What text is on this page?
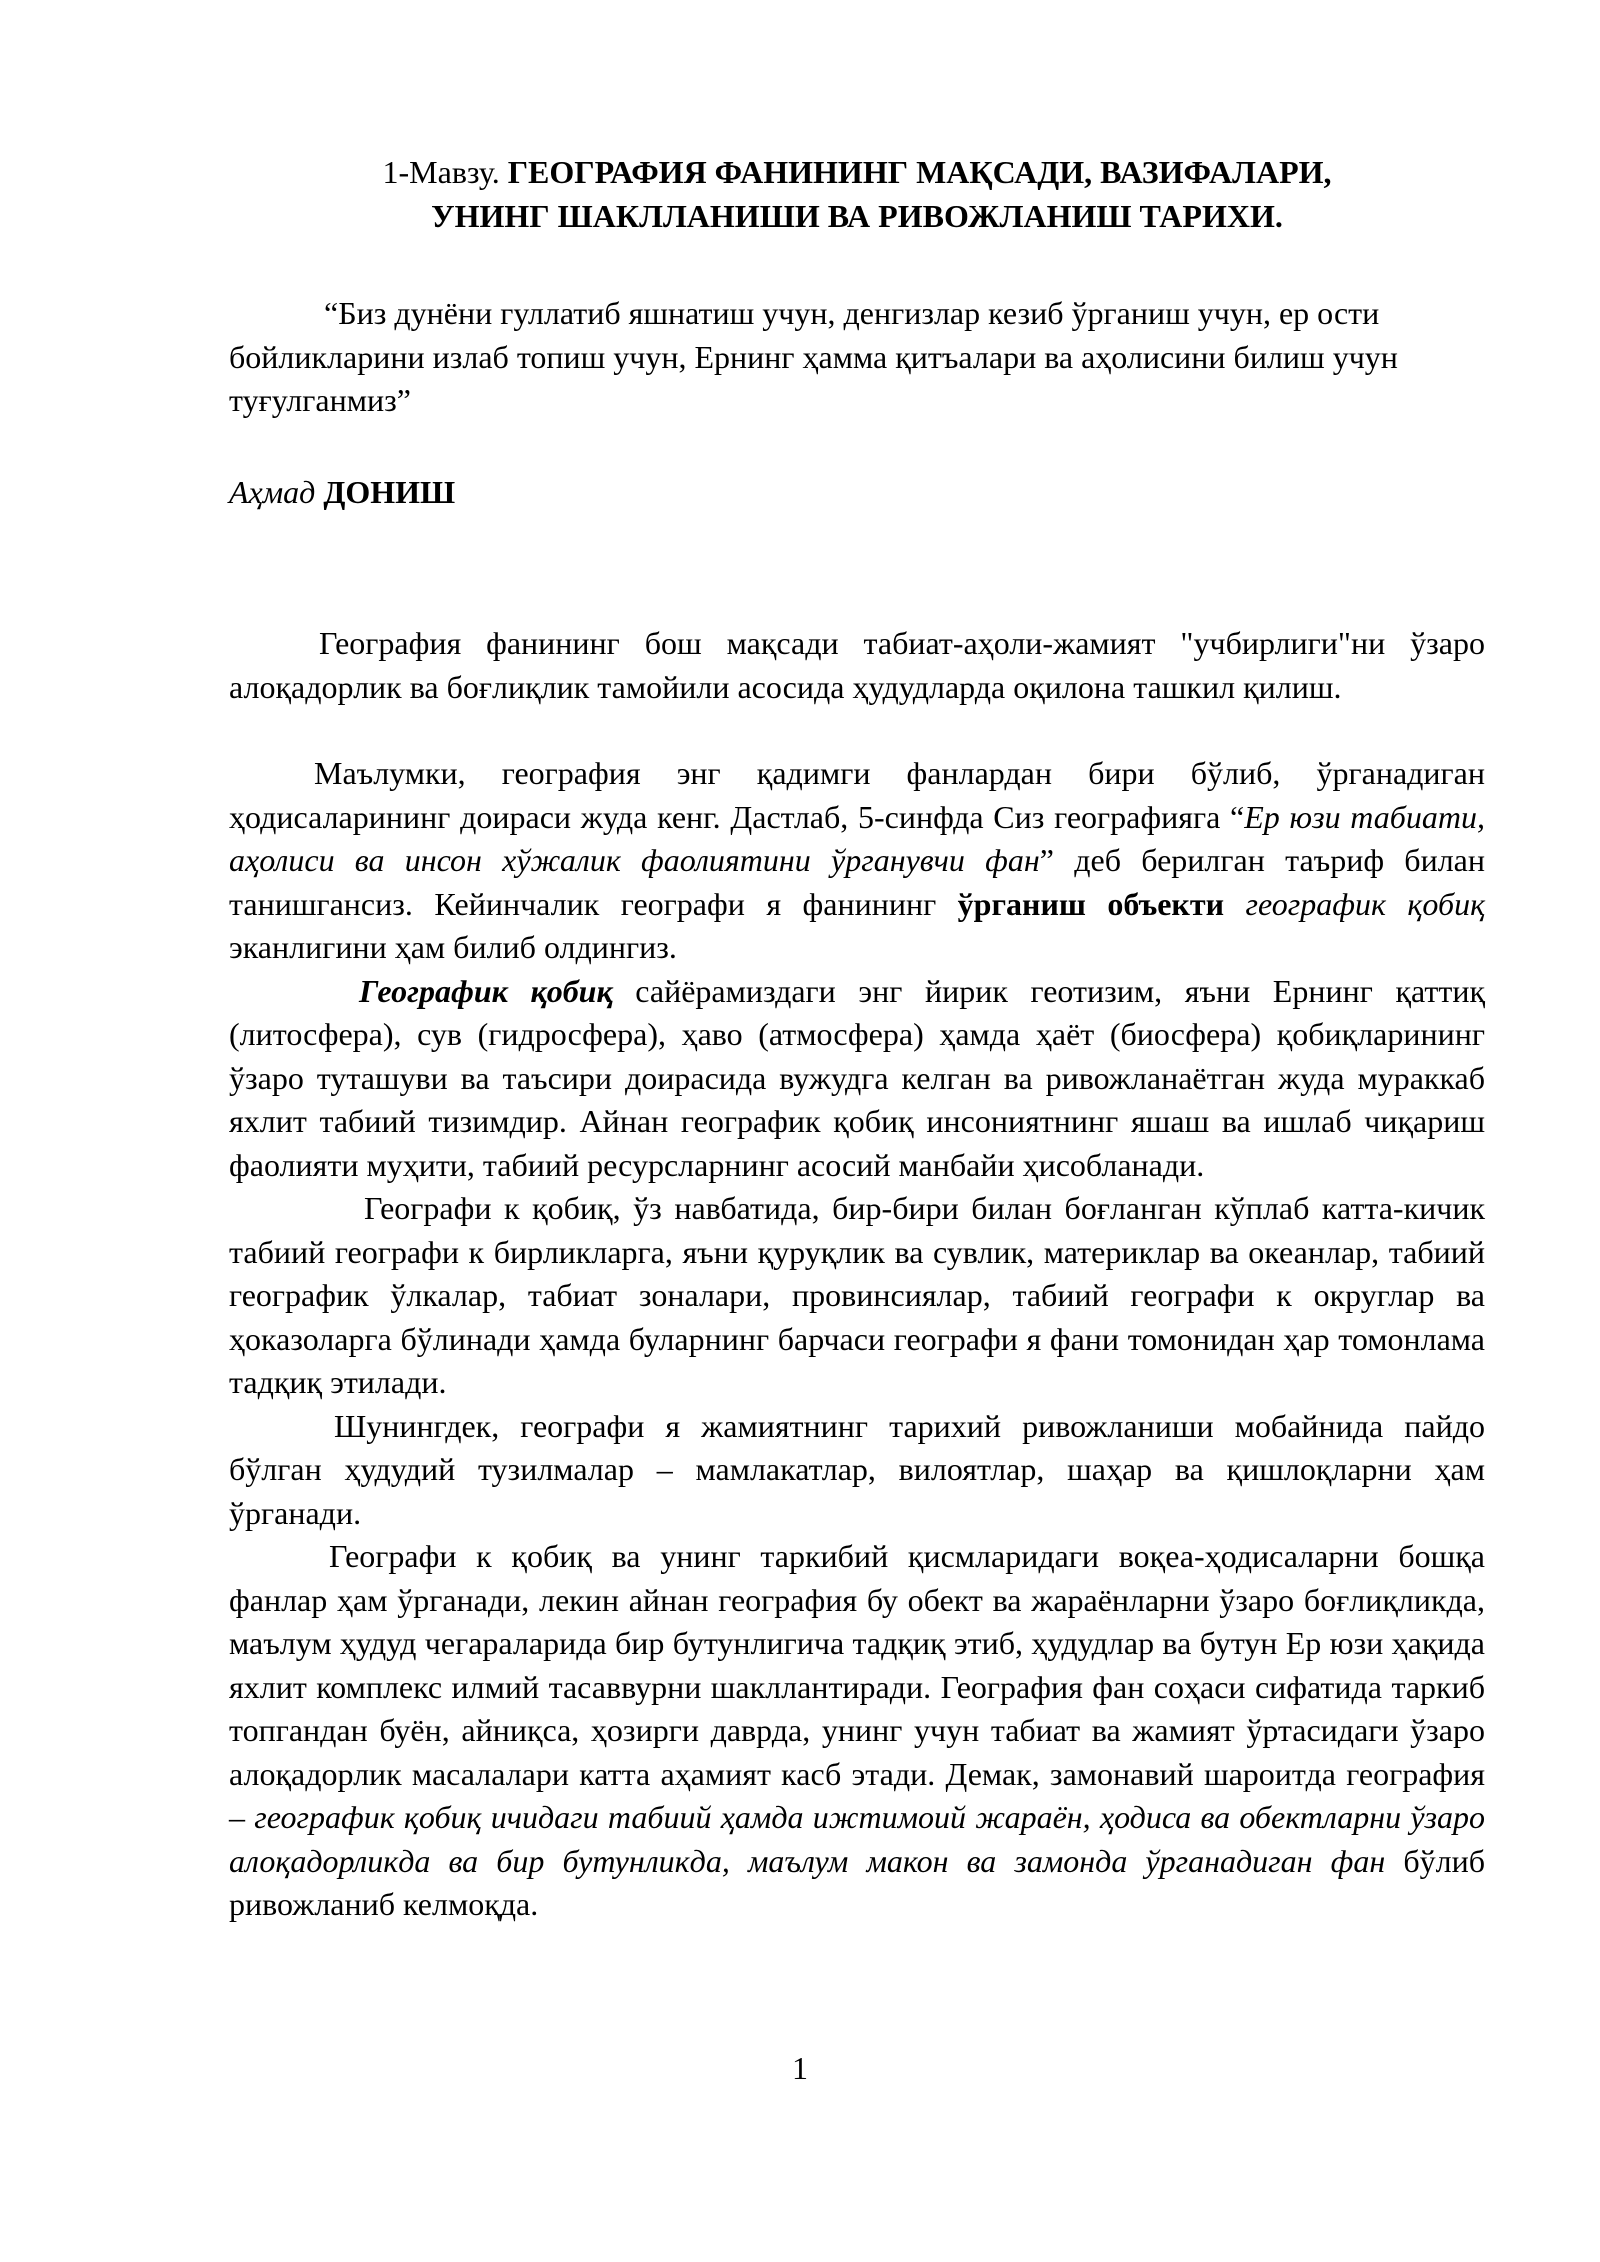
1-Мавзу. ГЕОГРАФИЯ ФАНИНИНГ МАҚСАДИ, ВАЗИФАЛАРИ,
УНИНГ ШАКЛЛАНИШИ ВА РИВОЖЛАНИШ ТАРИХИ.

“Биз дунёни гуллатиб яшнатиш учун, денгизлар кезиб ўрганиш учун, ер ости бойликларини излаб топиш учун, Ернинг ҳамма қитъалари ва аҳолисини билиш учун туғулганмиз”

Аҳмад ДОНИШ

География фанининг бош мақсади табиат-аҳоли-жамият "учбирлиги"ни ўзаро алоқадорлик ва боғлиқлик тамойили асосида ҳудудларда оқилона ташкил қилиш.

Маълумки, география энг қадимги фанлардан бири бўлиб, ўрганадиган ҳодисаларининг доираси жуда кенг. Дастлаб, 5-синфда Сиз географияга “Ер юзи табиати, аҳолиси ва инсон хўжалик фаолиятини ўрганувчи фан” деб берилган таъриф билан танишгансиз. Кейинчалик географи я фанининг ўрганиш объекти географик қобиқ эканлигини ҳам билиб олдингиз.

Географик қобиқ сайёрамиздаги энг йирик геотизим, яъни Ернинг қаттиқ (литосфера), сув (гидросфера), ҳаво (атмосфера) ҳамда ҳаёт (биосфера) қобиқларининг ўзаро туташуви ва таъсири доирасида вужудга келган ва ривожланаётган жуда мураккаб яхлит табиий тизимдир. Айнан географик қобиқ инсониятнинг яшаш ва ишлаб чиқариш фаолияти муҳити, табиий ресурсларнинг асосий манбайи ҳисобланади.

Географи к қобиқ, ўз навбатида, бир-бири билан боғланган кўплаб катта-кичик табиий географи к бирликларга, яъни қуруқлик ва сувлик, материклар ва океанлар, табиий географик ўлкалар, табиат зоналари, провинсиялар, табиий географи к округлар ва ҳоказоларга бўлинади ҳамда буларнинг барчаси географи я фани томонидан ҳар томонлама тадқиқ этилади.

Шунингдек, географи я жамиятнинг тарихий ривожланиши мобайнида пайдо бўлган ҳудудий тузилмалар – мамлакатлар, вилоятлар, шаҳар ва қишлоқларни ҳам ўрганади.

Географи к қобиқ ва унинг таркибий қисмларидаги воқеа-ҳодисаларни бошқа фанлар ҳам ўрганади, лекин айнан география бу обект ва жараёнларни ўзаро боғлиқликда, маълум ҳудуд чегараларида бир бутунлигича тадқиқ этиб, ҳудудлар ва бутун Ер юзи ҳақида яхлит комплекс илмий тасаввурни шакллантиради. География фан соҳаси сифатида таркиб топгандан буён, айниқса, ҳозирги даврда, унинг учун табиат ва жамият ўртасидаги ўзаро алоқадорлик масалалари катта аҳамият касб этади. Демак, замонавий шароитда география – географик қобиқ ичидаги табиий ҳамда ижтимоий жараён, ҳодиса ва обектларни ўзаро алоқадорликда ва бир бутунликда, маълум макон ва замонда ўрганадиган фан бўлиб ривожланиб келмоқда.

1
